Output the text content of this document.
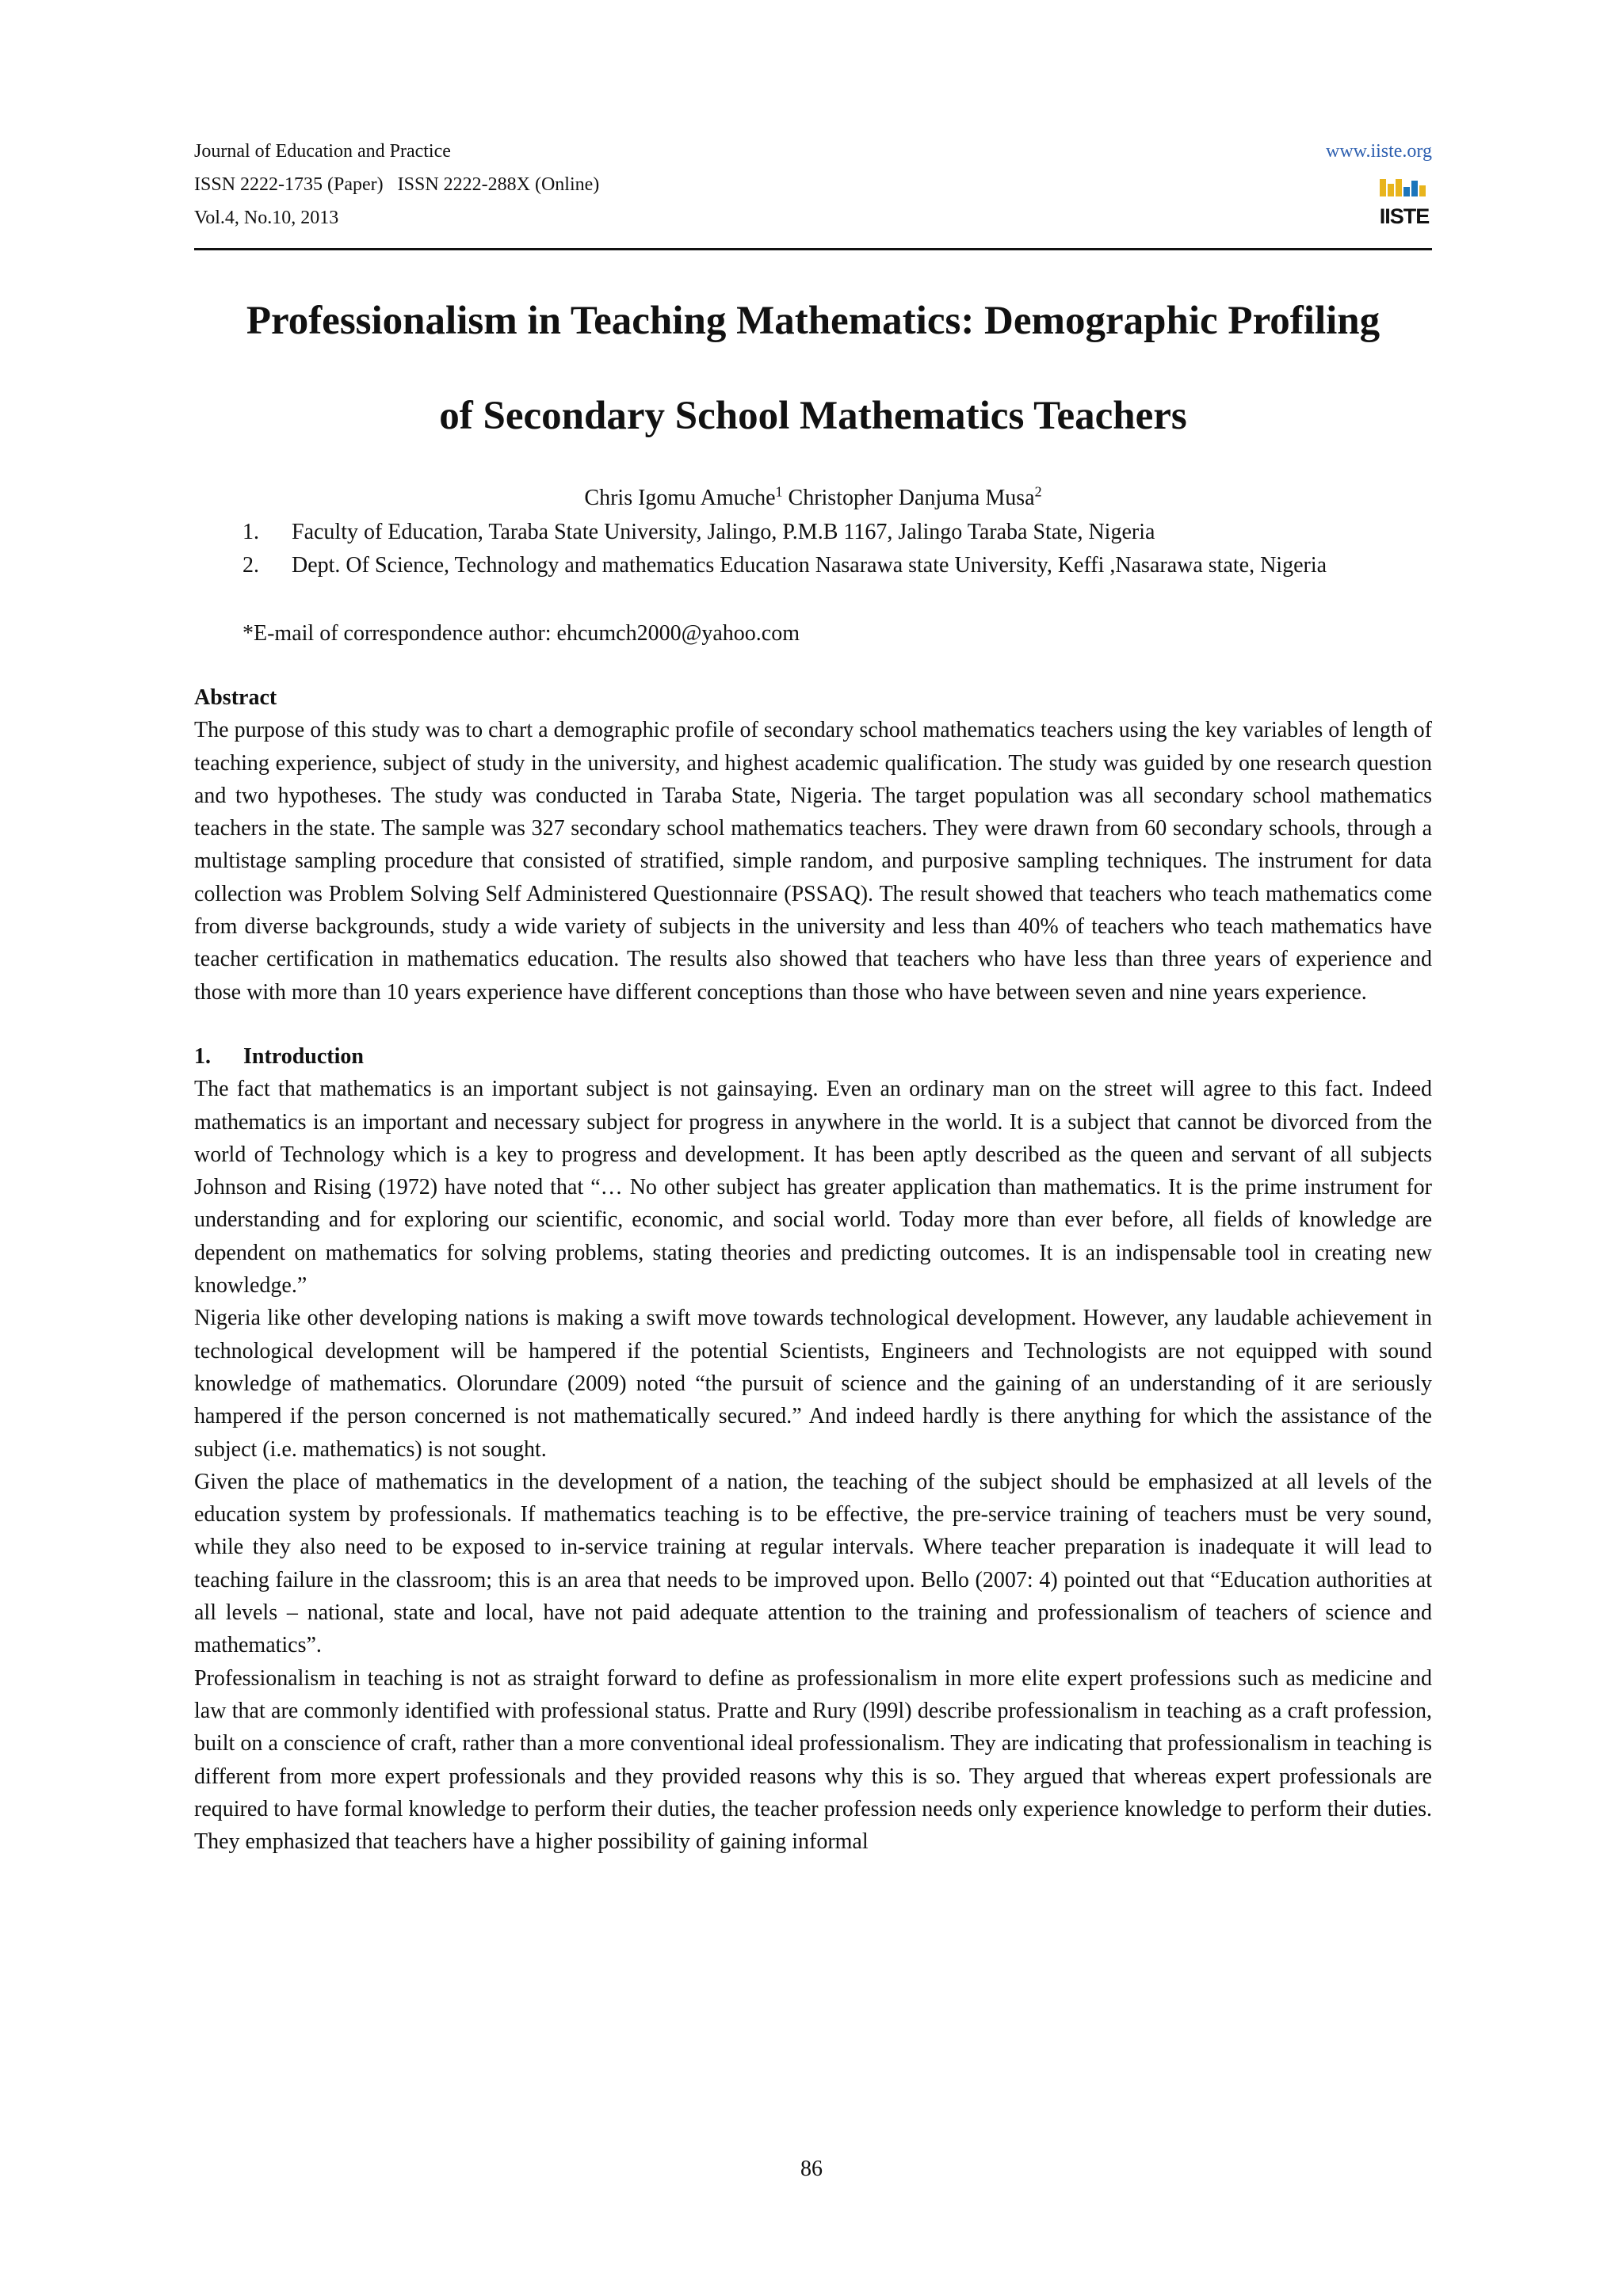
Journal of Education and Practice
ISSN 2222-1735 (Paper)   ISSN 2222-288X (Online)
Vol.4, No.10, 2013
www.iiste.org
IISTE
Professionalism in Teaching Mathematics: Demographic Profiling
of Secondary School Mathematics Teachers
Chris Igomu Amuche$^1$ Christopher Danjuma Musa$^2$
1. Faculty of Education, Taraba State University, Jalingo, P.M.B 1167, Jalingo Taraba State, Nigeria
2. Dept. Of Science, Technology and mathematics Education Nasarawa state University, Keffi ,Nasarawa state, Nigeria
*E-mail of correspondence author: ehcumch2000@yahoo.com
Abstract

The purpose of this study was to chart a demographic profile of secondary school mathematics teachers using the key variables of length of teaching experience, subject of study in the university, and highest academic qualification. The study was guided by one research question and two hypotheses. The study was conducted in Taraba State, Nigeria. The target population was all secondary school mathematics teachers in the state. The sample was 327 secondary school mathematics teachers. They were drawn from 60 secondary schools, through a multistage sampling procedure that consisted of stratified, simple random, and purposive sampling techniques. The instrument for data collection was Problem Solving Self Administered Questionnaire (PSSAQ). The result showed that teachers who teach mathematics come from diverse backgrounds, study a wide variety of subjects in the university and less than 40% of teachers who teach mathematics have teacher certification in mathematics education. The results also showed that teachers who have less than three years of experience and those with more than 10 years experience have different conceptions than those who have between seven and nine years experience.

1. Introduction

The fact that mathematics is an important subject is not gainsaying. Even an ordinary man on the street will agree to this fact. Indeed mathematics is an important and necessary subject for progress in anywhere in the world. It is a subject that cannot be divorced from the world of Technology which is a key to progress and development. It has been aptly described as the queen and servant of all subjects Johnson and Rising (1972) have noted that “… No other subject has greater application than mathematics. It is the prime instrument for understanding and for exploring our scientific, economic, and social world. Today more than ever before, all fields of knowledge are dependent on mathematics for solving problems, stating theories and predicting outcomes. It is an indispensable tool in creating new knowledge.”

Nigeria like other developing nations is making a swift move towards technological development. However, any laudable achievement in technological development will be hampered if the potential Scientists, Engineers and Technologists are not equipped with sound knowledge of mathematics. Olorundare (2009) noted “the pursuit of science and the gaining of an understanding of it are seriously hampered if the person concerned is not mathematically secured.” And indeed hardly is there anything for which the assistance of the subject (i.e. mathematics) is not sought.

Given the place of mathematics in the development of a nation, the teaching of the subject should be emphasized at all levels of the education system by professionals. If mathematics teaching is to be effective, the pre-service training of teachers must be very sound, while they also need to be exposed to in-service training at regular intervals. Where teacher preparation is inadequate it will lead to teaching failure in the classroom; this is an area that needs to be improved upon. Bello (2007: 4) pointed out that “Education authorities at all levels – national, state and local, have not paid adequate attention to the training and professionalism of teachers of science and mathematics”.

Professionalism in teaching is not as straight forward to define as professionalism in more elite expert professions such as medicine and law that are commonly identified with professional status. Pratte and Rury (l99l) describe professionalism in teaching as a craft profession, built on a conscience of craft, rather than a more conventional ideal professionalism. They are indicating that professionalism in teaching is different from more expert professionals and they provided reasons why this is so. They argued that whereas expert professionals are required to have formal knowledge to perform their duties, the teacher profession needs only experience knowledge to perform their duties. They emphasized that teachers have a higher possibility of gaining informal

86
